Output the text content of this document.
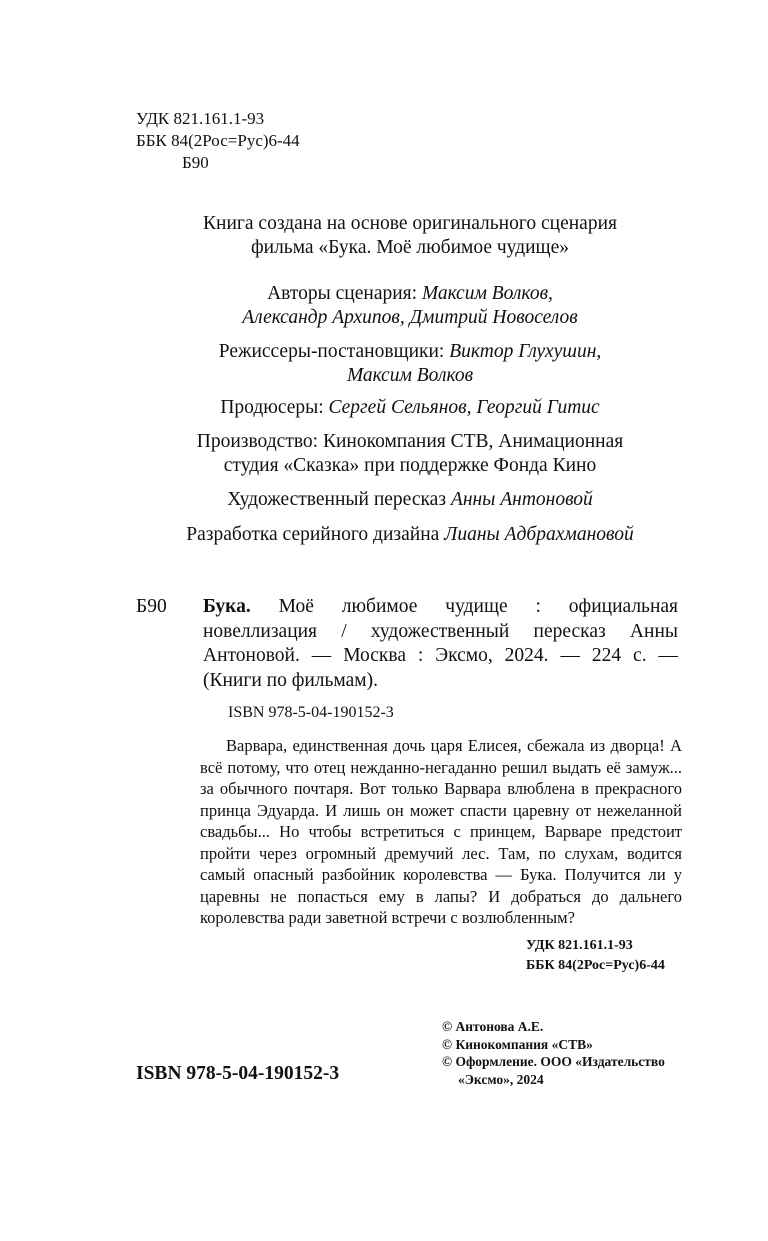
УДК 821.161.1-93
ББК 84(2Рос=Рус)6-44
Б90
Книга создана на основе оригинального сценария
фильма «Бука. Моё любимое чудище»
Авторы сценария: Максим Волков,
Александр Архипов, Дмитрий Новоселов
Режиссеры-постановщики: Виктор Глухушин,
Максим Волков
Продюсеры: Сергей Сельянов, Георгий Гитис
Производство: Кинокомпания СТВ, Анимационная
студия «Сказка» при поддержке Фонда Кино
Художественный пересказ Анны Антоновой
Разработка серийного дизайна Лианы Адбрахмановой
Б90 Бука. Моё любимое чудище : официальная новеллизация / художественный пересказ Анны Антоновой. — Москва : Эксмо, 2024. — 224 с. — (Книги по фильмам).
ISBN 978-5-04-190152-3
Варвара, единственная дочь царя Елисея, сбежала из дворца! А всё потому, что отец нежданно-негаданно решил выдать её замуж... за обычного почтаря. Вот только Варвара влюблена в прекрасного принца Эдуарда. И лишь он может спасти царевну от нежеланной свадьбы... Но чтобы встретиться с принцем, Варваре предстоит пройти через огромный дремучий лес. Там, по слухам, водится самый опасный разбойник королевства — Бука. Получится ли у царевны не попасться ему в лапы? И добраться до дальнего королевства ради заветной встречи с возлюбленным?
УДК 821.161.1-93
ББК 84(2Рос=Рус)6-44
© Антонова А.Е.
© Кинокомпания «СТВ»
© Оформление. ООО «Издательство
«Эксмо», 2024
ISBN 978-5-04-190152-3
